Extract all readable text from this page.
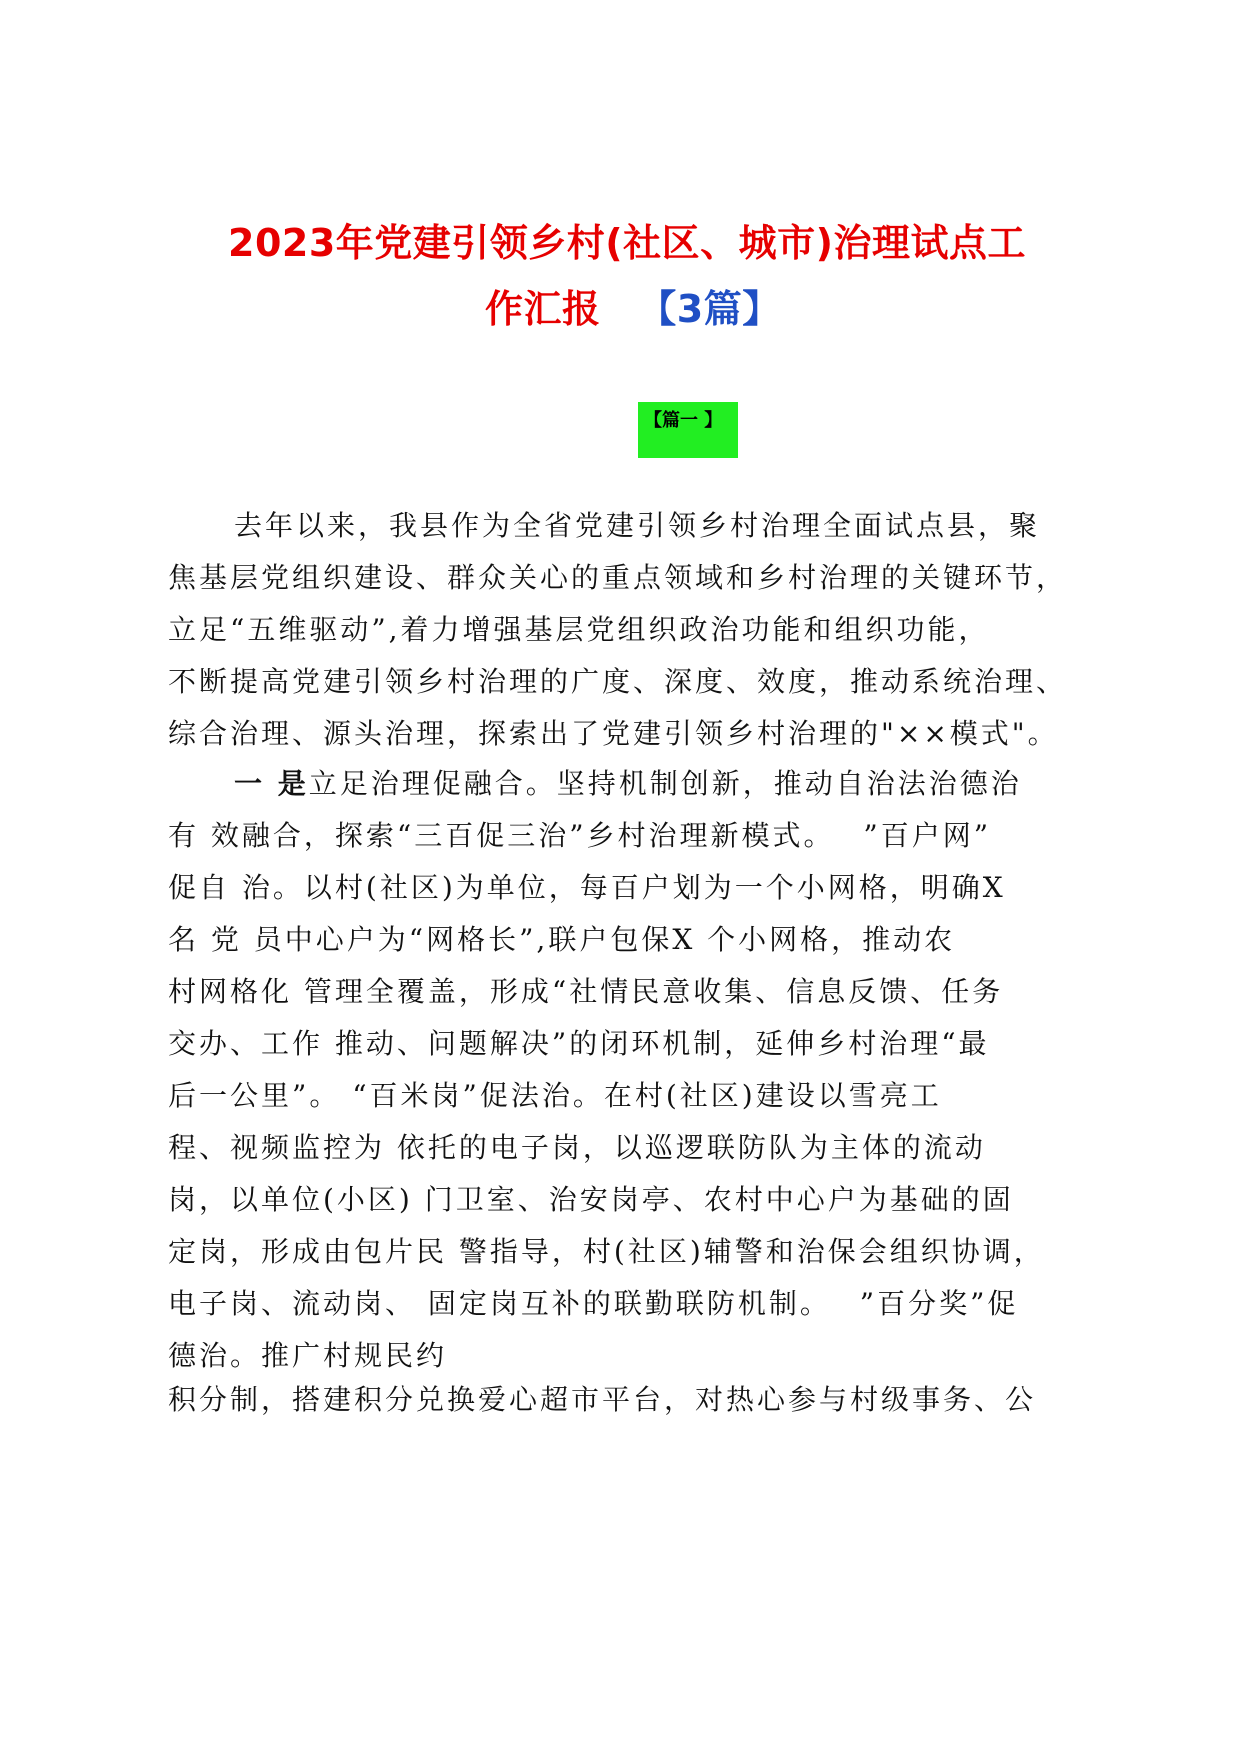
2023年党建引领乡村(社区、城市)治理试点工
作汇报 【3篇】
【篇一 】
去年以来，我县作为全省党建引领乡村治理全面试点县，聚
焦基层党组织建设、群众关心的重点领域和乡村治理的关键环节，
立足“五维驱动”,着力增强基层党组织政治功能和组织功能，
不断提高党建引领乡村治理的广度、深度、效度，推动系统治理、
综合治理、源头治理，探索出了党建引领乡村治理的"××模式"。
一 是立足治理促融合。坚持机制创新，推动自治法治德治
有 效融合，探索“三百促三治”乡村治理新模式。　 ”百户网”
促自 治。以村(社区)为单位，每百户划为一个小网格，明确X
名 党 员中心户为“网格长”,联户包保X 个小网格，推动农
村网格化 管理全覆盖，形成“社情民意收集、信息反馈、任务
交办、工作 推动、问题解决”的闭环机制，延伸乡村治理“最
后一公里”。 “百米岗”促法治。在村(社区)建设以雪亮工
程、视频监控为 依托的电子岗，以巡逻联防队为主体的流动
岗，以单位(小区) 门卫室、治安岗亭、农村中心户为基础的固
定岗，形成由包片民 警指导，村(社区)辅警和治保会组织协调，
电子岗、流动岗、 固定岗互补的联勤联防机制。　 ”百分奖”促
德治。推广村规民约
积分制，搭建积分兑换爱心超市平台，对热心参与村级事务、公
